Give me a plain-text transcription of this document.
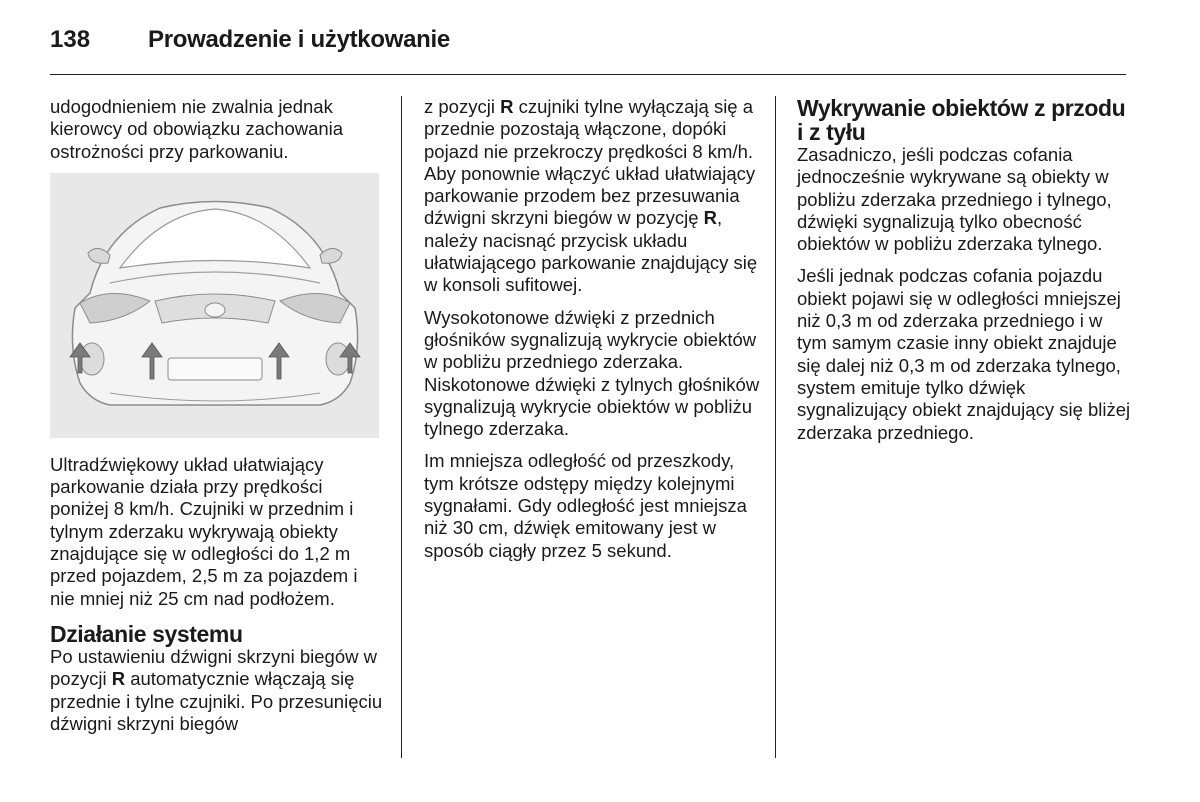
138 Prowadzenie i użytkowanie

udogodnieniem nie zwalnia jednak kierowcy od obowiązku zachowania ostrożności przy parkowaniu.

Ultradźwiękowy układ ułatwiający parkowanie działa przy prędkości poniżej 8 km/h. Czujniki w przednim i tylnym zderzaku wykrywają obiekty znajdujące się w odległości do 1,2 m przed pojazdem, 2,5 m za pojazdem i nie mniej niż 25 cm nad podłożem.

Działanie systemu

Po ustawieniu dźwigni skrzyni biegów w pozycji R automatycznie włączają się przednie i tylne czujniki. Po przesunięciu dźwigni skrzyni biegów

z pozycji R czujniki tylne wyłączają się a przednie pozostają włączone, dopóki pojazd nie przekroczy prędkości 8 km/h. Aby ponownie włączyć układ ułatwiający parkowanie przodem bez przesuwania dźwigni skrzyni biegów w pozycję R, należy nacisnąć przycisk układu ułatwiającego parkowanie znajdujący się w konsoli sufitowej.

Wysokotonowe dźwięki z przednich głośników sygnalizują wykrycie obiektów w pobliżu przedniego zderzaka. Niskotonowe dźwięki z tylnych głośników sygnalizują wykrycie obiektów w pobliżu tylnego zderzaka.

Im mniejsza odległość od przeszkody, tym krótsze odstępy między kolejnymi sygnałami. Gdy odległość jest mniejsza niż 30 cm, dźwięk emitowany jest w sposób ciągły przez 5 sekund.

Wykrywanie obiektów z przodu i z tyłu

Zasadniczo, jeśli podczas cofania jednocześnie wykrywane są obiekty w pobliżu zderzaka przedniego i tylnego, dźwięki sygnalizują tylko obecność obiektów w pobliżu zderzaka tylnego.

Jeśli jednak podczas cofania pojazdu obiekt pojawi się w odległości mniejszej niż 0,3 m od zderzaka przedniego i w tym samym czasie inny obiekt znajduje się dalej niż 0,3 m od zderzaka tylnego, system emituje tylko dźwięk sygnalizujący obiekt znajdujący się bliżej zderzaka przedniego.
